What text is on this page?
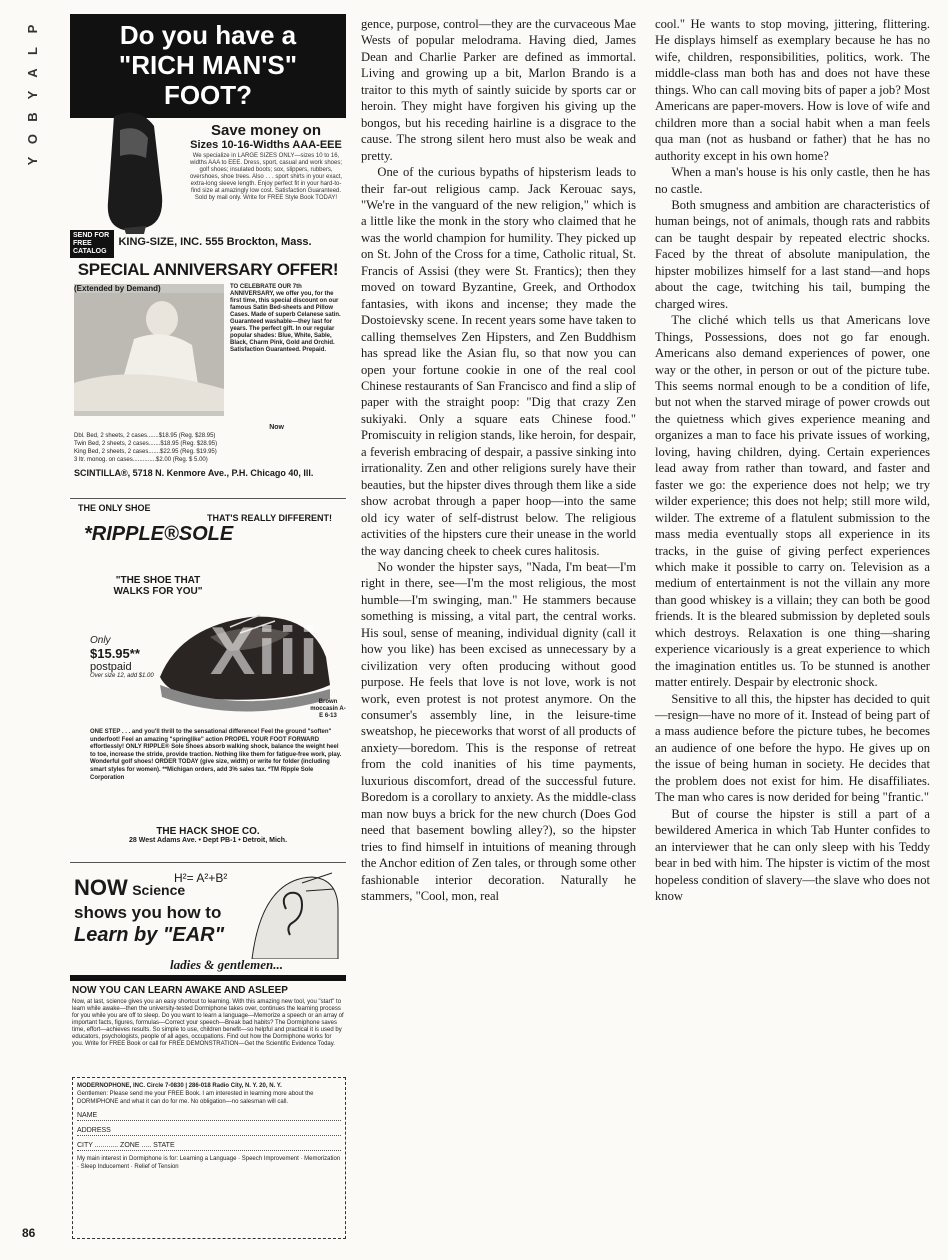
P
L
A
Y
B
O
Y
86
Do you have a
"RICH MAN'S"
FOOT?
Save money on
Sizes 10-16-Widths AAA-EEE
We specialize in LARGE SIZES ONLY—sizes 10 to 16, widths AAA to EEE. Dress, sport, casual and work shoes; golf shoes; insulated boots; sox, slippers, rubbers, overshoes, shoe trees. Also . . . sport shirts in your exact, extra-long sleeve length. Enjoy perfect fit in your hard-to-find size at amazingly low cost. Satisfaction Guaranteed. Sold by mail only. Write for FREE Style Book TODAY!
SEND FOR FREE CATALOG KING-SIZE, INC. 555 Brockton, Mass.
SPECIAL ANNIVERSARY OFFER!
(Extended by Demand)	TO CELEBRATE OUR 7th ANNIVERSARY, we offer you, for the first time, this special discount on our famous Satin Bed-sheets and Pillow Cases. Made of superb Celanese satin. Guaranteed washable—they last for years. The perfect gift. In our regular popular shades: Blue, White, Sable, Black, Charm Pink, Gold and Orchid. Satisfaction Guaranteed. Prepaid.
Now
Dbl. Bed, 2 sheets, 2 cases.......$18.95 (Reg. $28.95)
Twin Bed, 2 sheets, 2 cases.......$18.95 (Reg. $28.95)
King Bed, 2 sheets, 2 cases.......$22.95 (Reg. $19.95)
3 ltr. monog. on cases..............$2.00 (Reg. $ 5.00)
SCINTILLA®, 5718 N. Kenmore Ave., P.H. Chicago 40, Ill.
THE ONLY SHOE
THAT'S REALLY DIFFERENT!
*RIPPLE®SOLE
"THE SHOE THAT WALKS FOR YOU"
Only
$15.95**
postpaid
Over size 12, add $1.00
Brown moccasin A-E 6-13
ONE STEP . . . and you'll thrill to the sensational difference! Feel the ground "soften" underfoot! Feel an amazing "springlike" action PROPEL YOUR FOOT FORWARD effortlessly! ONLY RIPPLE® Sole Shoes absorb walking shock, balance the weight heel to toe, increase the stride, provide traction. Nothing like them for fatigue-free work, play. Wonderful golf shoes! ORDER TODAY (give size, width) or write for folder (including smart styles for women). **Michigan orders, add 3% sales tax. *TM Ripple Sole Corporation
THE HACK SHOE CO.
28 West Adams Ave. • Dept PB-1 • Detroit, Mich.
H²= A²+B²
NOW Science
shows you how to
Learn by "EAR"
ladies & gentlemen...
NOW YOU CAN LEARN AWAKE AND ASLEEP
Now, at last, science gives you an easy shortcut to learning. With this amazing new tool, you "start" to learn while awake—then the university-tested Dormiphone takes over, continues the learning process for you while you are off to sleep. Do you want to learn a language—Memorize a speech or an array of important facts, figures, formulas—Correct your speech—Break bad habits? The Dormiphone saves time, effort—achieves results. So simple to use, children benefit—so helpful and practical it is used by educators, psychologists, people of all ages, occupations. Find out how the Dormiphone works for you. Write for FREE Book or call for FREE DEMONSTRATION—Get the Scientific Evidence Today.
MODERNOPHONE, INC. Circle 7-0830 | 286-018 Radio City, N. Y. 20, N. Y.
Gentlemen: Please send me your FREE Book. I am interested in learning more about the DORMIPHONE and what it can do for me. No obligation—no salesman will call.
NAME
ADDRESS
CITY ............ ZONE ..... STATE
My main interest in Dormiphone is for: Learning a Language · Speech Improvement · Memorization · Sleep Inducement · Relief of Tension

gence, purpose, control—they are the curvaceous Mae Wests of popular melodrama. Having died, James Dean and Charlie Parker are defined as immortal. Living and growing up a bit, Marlon Brando is a traitor to this myth of saintly suicide by sports car or heroin. They might have forgiven his giving up the bongos, but his receding hairline is a disgrace to the cause. The strong silent hero must also be weak and pretty.

One of the curious bypaths of hipsterism leads to their far-out religious camp. Jack Kerouac says, "We're in the vanguard of the new religion," which is a little like the monk in the story who claimed that he was the world champion for humility. They picked up on St. John of the Cross for a time, Catholic ritual, St. Francis of Assisi (they were St. Frantics); then they moved on toward Byzantine, Greek, and Orthodox fantasies, with ikons and incense; they made the Dostoievsky scene. In recent years some have taken to calling themselves Zen Hipsters, and Zen Buddhism has spread like the Asian flu, so that now you can open your fortune cookie in one of the real cool Chinese restaurants of San Francisco and find a slip of paper with the straight poop: "Dig that crazy Zen sukiyaki. Only a square eats Chinese food." Promiscuity in religion stands, like heroin, for despair, a feverish embracing of despair, a passive sinking into irrationality. Zen and other religions surely have their beauties, but the hipster dives through them like a side show acrobat through a paper hoop—into the same old icy water of self-distrust below. The religious activities of the hipsters cure their unease in the world the way dancing cheek to cheek cures halitosis.

No wonder the hipster says, "Nada, I'm beat—I'm right in there, see—I'm the most religious, the most humble—I'm swinging, man." He stammers because something is missing, a vital part, the central works. His soul, sense of meaning, individual dignity (call it how you like) has been excised as unnecessary by a civilization very often producing without good purpose. He feels that love is not love, work is not work, even protest is not protest anymore. On the consumer's assembly line, in the leisure-time sweatshop, he pieceworks that worst of all products of anxiety—boredom. This is the response of retreat from the cold inanities of his time payments, luxurious discomfort, dread of the successful future. Boredom is a corollary to anxiety. As the middle-class man now buys a brick for the new church (Does God need that basement bowling alley?), so the hipster tries to find himself in intuitions of meaning through the Anchor edition of Zen tales, or through some other fashionable interior decoration. Naturally he stammers, "Cool, mon, real

cool." He wants to stop moving, jittering, flittering. He displays himself as exemplary because he has no wife, children, responsibilities, politics, work. The middle-class man both has and does not have these things. Who can call moving bits of paper a job? Most Americans are paper-movers. How is love of wife and children more than a social habit when a man feels qua man (not as husband or father) that he has no authority except in his own home?

When a man's house is his only castle, then he has no castle.

Both smugness and ambition are characteristics of human beings, not of animals, though rats and rabbits can be taught despair by repeated electric shocks. Faced by the threat of absolute manipulation, the hipster mobilizes himself for a last stand—and hops about the cage, twitching his tail, bumping the charged wires.

The cliché which tells us that Americans love Things, Possessions, does not go far enough. Americans also demand experiences of power, one way or the other, in person or out of the picture tube. This seems normal enough to be a condition of life, but not when the starved mirage of power crowds out the quietness which gives experience meaning and organizes a man to face his private issues of working, loving, having children, dying. Certain experiences lead away from rather than toward, and faster and faster we go: the experience does not help; we try wilder experience; this does not help; still more wild, wilder. The extreme of a flatulent submission to the mass media eventually stops all experience in its tracks, in the guise of giving perfect experiences which make it possible to carry on. Television as a medium of entertainment is not the villain any more than good whiskey is a villain; they can both be good friends. It is the bleared submission by depleted souls which destroys. Relaxation is one thing—sharing experience vicariously is a great experience to which the imagination entitles us. To be stunned is another matter entirely. Despair by electronic shock.

Sensitive to all this, the hipster has decided to quit—resign—have no more of it. Instead of being part of a mass audience before the picture tubes, he becomes an audience of one before the hypo. He gives up on the issue of being human in society. He decides that the problem does not exist for him. He disaffiliates. The man who cares is now derided for being "frantic."

But of course the hipster is still a part of a bewildered America in which Tab Hunter confides to an interviewer that he can only sleep with his Teddy bear in bed with him. The hipster is victim of the most hopeless condition of slavery—the slave who does not know

Xiii
